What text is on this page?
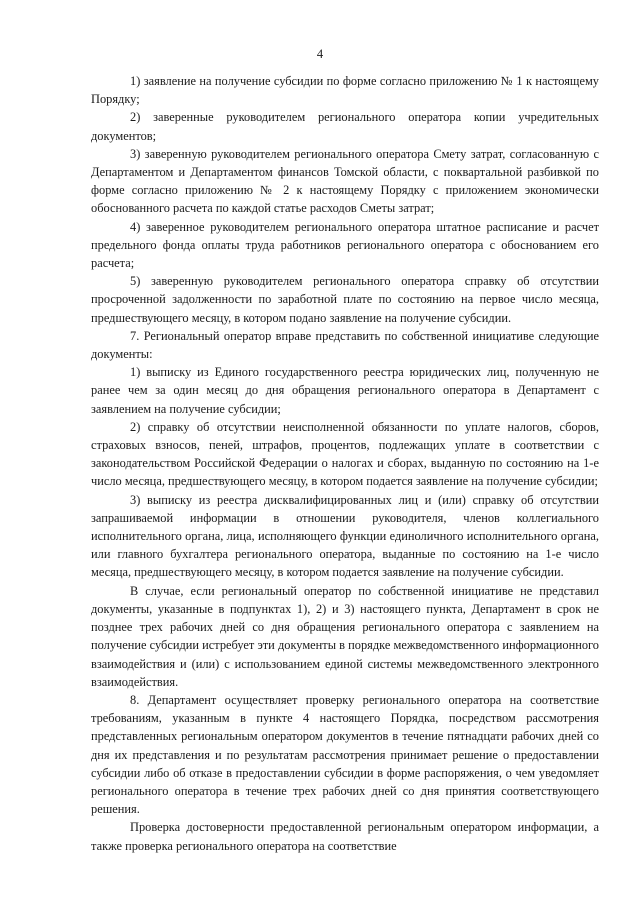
4

1) заявление на получение субсидии по форме согласно приложению № 1 к настоящему Порядку;

2) заверенные руководителем регионального оператора копии учредительных документов;

3) заверенную руководителем регионального оператора Смету затрат, согласованную с Департаментом и Департаментом финансов Томской области, с поквартальной разбивкой по форме согласно приложению № 2 к настоящему Порядку с приложением экономически обоснованного расчета по каждой статье расходов Сметы затрат;

4) заверенное руководителем регионального оператора штатное расписание и расчет предельного фонда оплаты труда работников регионального оператора с обоснованием его расчета;

5) заверенную руководителем регионального оператора справку об отсутствии просроченной задолженности по заработной плате по состоянию на первое число месяца, предшествующего месяцу, в котором подано заявление на получение субсидии.

7. Региональный оператор вправе представить по собственной инициативе следующие документы:

1) выписку из Единого государственного реестра юридических лиц, полученную не ранее чем за один месяц до дня обращения регионального оператора в Департамент с заявлением на получение субсидии;

2) справку об отсутствии неисполненной обязанности по уплате налогов, сборов, страховых взносов, пеней, штрафов, процентов, подлежащих уплате в соответствии с законодательством Российской Федерации о налогах и сборах, выданную по состоянию на 1-е число месяца, предшествующего месяцу, в котором подается заявление на получение субсидии;

3) выписку из реестра дисквалифицированных лиц и (или) справку об отсутствии запрашиваемой информации в отношении руководителя, членов коллегиального исполнительного органа, лица, исполняющего функции единоличного исполнительного органа, или главного бухгалтера регионального оператора, выданные по состоянию на 1-е число месяца, предшествующего месяцу, в котором подается заявление на получение субсидии.

В случае, если региональный оператор по собственной инициативе не представил документы, указанные в подпунктах 1), 2) и 3) настоящего пункта, Департамент в срок не позднее трех рабочих дней со дня обращения регионального оператора с заявлением на получение субсидии истребует эти документы в порядке межведомственного информационного взаимодействия и (или) с использованием единой системы межведомственного электронного взаимодействия.

8. Департамент осуществляет проверку регионального оператора на соответствие требованиям, указанным в пункте 4 настоящего Порядка, посредством рассмотрения представленных региональным оператором документов в течение пятнадцати рабочих дней со дня их представления и по результатам рассмотрения принимает решение о предоставлении субсидии либо об отказе в предоставлении субсидии в форме распоряжения, о чем уведомляет регионального оператора в течение трех рабочих дней со дня принятия соответствующего решения.

Проверка достоверности предоставленной региональным оператором информации, а также проверка регионального оператора на соответствие
